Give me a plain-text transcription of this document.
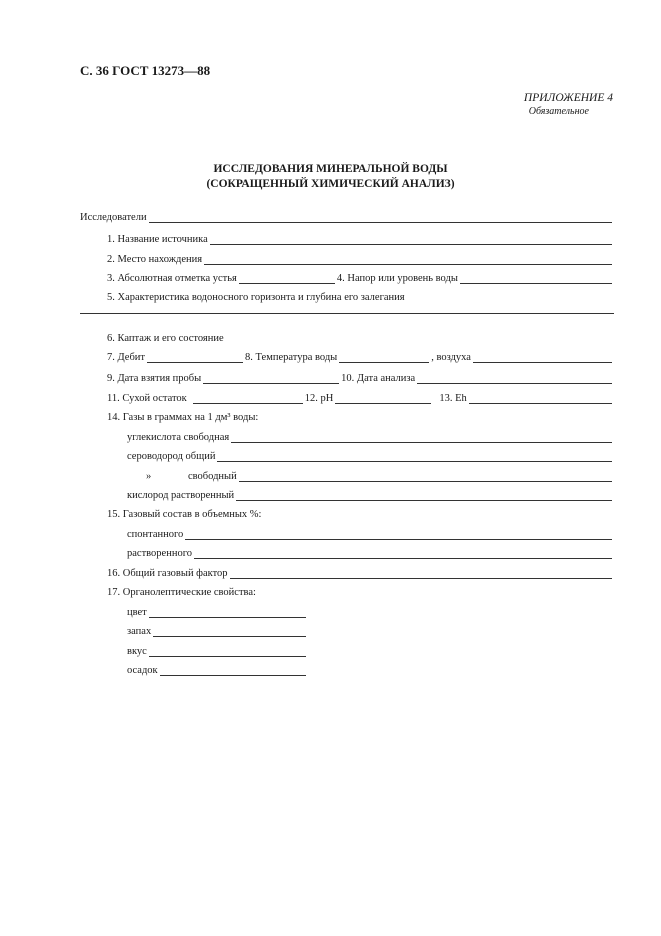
С. 36 ГОСТ 13273—88
ПРИЛОЖЕНИЕ 4
Обязательное
ИССЛЕДОВАНИЯ МИНЕРАЛЬНОЙ ВОДЫ
(СОКРАЩЕННЫЙ ХИМИЧЕСКИЙ АНАЛИЗ)
Исследователи
1. Название источника
2. Место нахождения
3. Абсолютная отметка устья	4. Напор или уровень воды
5. Характеристика водоносного горизонта и глубина его залегания
6. Каптаж и его состояние
7. Дебит	8. Температура воды	, воздуха
9. Дата взятия пробы	10. Дата анализа
11. Сухой остаток	12. pH	13. Eh
14. Газы в граммах на 1 дм³ воды:
углекислота свободная
сероводород общий
»	свободный
кислород растворенный
15. Газовый состав в объемных %:
спонтанного
растворенного
16. Общий газовый фактор
17. Органолептические свойства:
цвет
запах
вкус
осадок
